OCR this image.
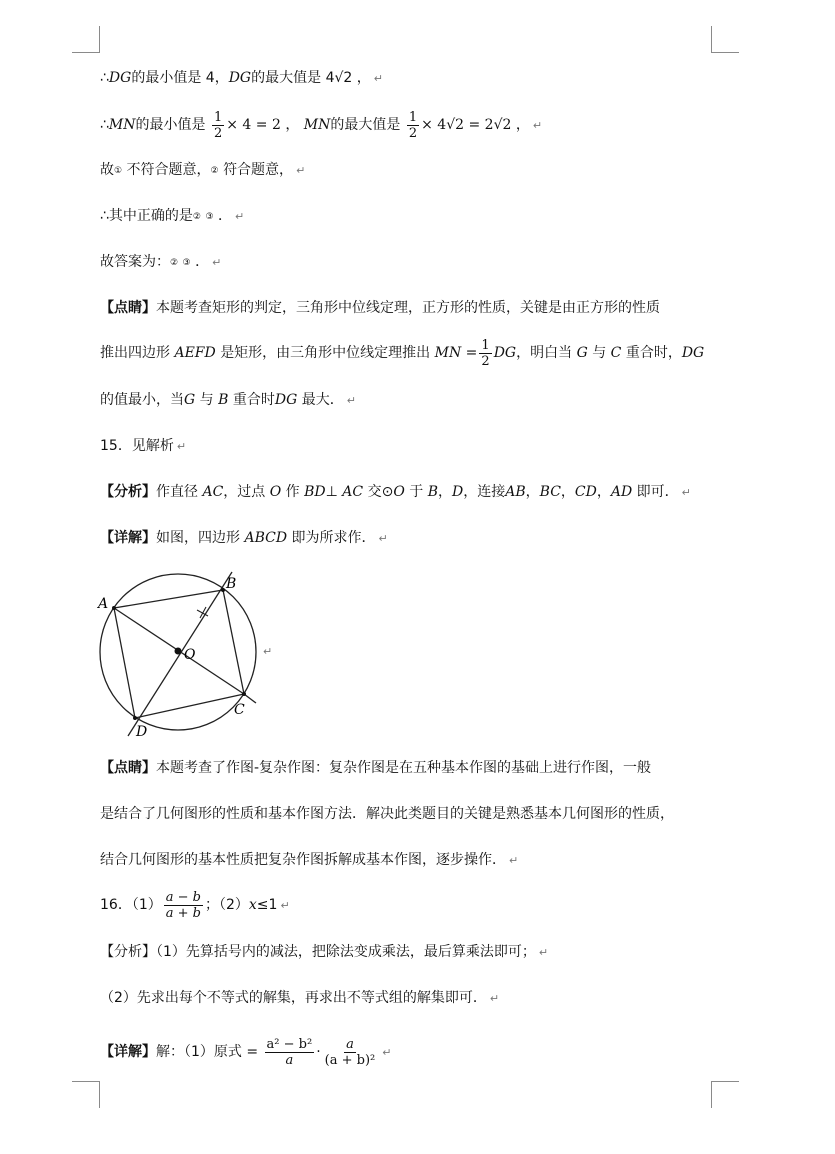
∴DG的最小值是 4，DG的最大值是 4√2 ， ↵
∴MN的最小值是 $\frac{1}{2} \times 4 = 2$ ， MN的最大值是 $\frac{1}{2} \times 4√2 = 2√2$ ， ↵
故① 不符合题意，② 符合题意， ↵
∴其中正确的是② ③ ． ↵
故答案为：② ③ ． ↵
【点睛】本题考查矩形的判定，三角形中位线定理，正方形的性质，关键是由正方形的性质
推出四边形 AEFD 是矩形，由三角形中位线定理推出 MN = $\frac{1}{2}$ DG，明白当 G 与 C 重合时，DG
的值最小，当G 与 B 重合时DG 最大． ↵
15．见解析 ↵
【分析】作直径 AC，过点 O 作 BD⊥ AC 交⊙O 于 B，D，连接AB，BC，CD，AD 即可． ↵
【详解】如图，四边形 ABCD 即为所求作． ↵
A
B
C
D
O	↵
【点睛】本题考查了作图-复杂作图：复杂作图是在五种基本作图的基础上进行作图，一般
是结合了几何图形的性质和基本作图方法．解决此类题目的关键是熟悉基本几何图形的性质，
结合几何图形的基本性质把复杂作图拆解成基本作图，逐步操作． ↵
16．$(1) \frac{a - b}{a + b}$ ；（2）x≤1 ↵
【分析】（1）先算括号内的减法，把除法变成乘法，最后算乘法即可； ↵
（2）先求出每个不等式的解集，再求出不等式组的解集即可． ↵
【详解】解：（1）原式 = $\frac{\text{a² − b²}}{a} \cdot \frac{a}{\text{(a + b)²}}$ ↵
